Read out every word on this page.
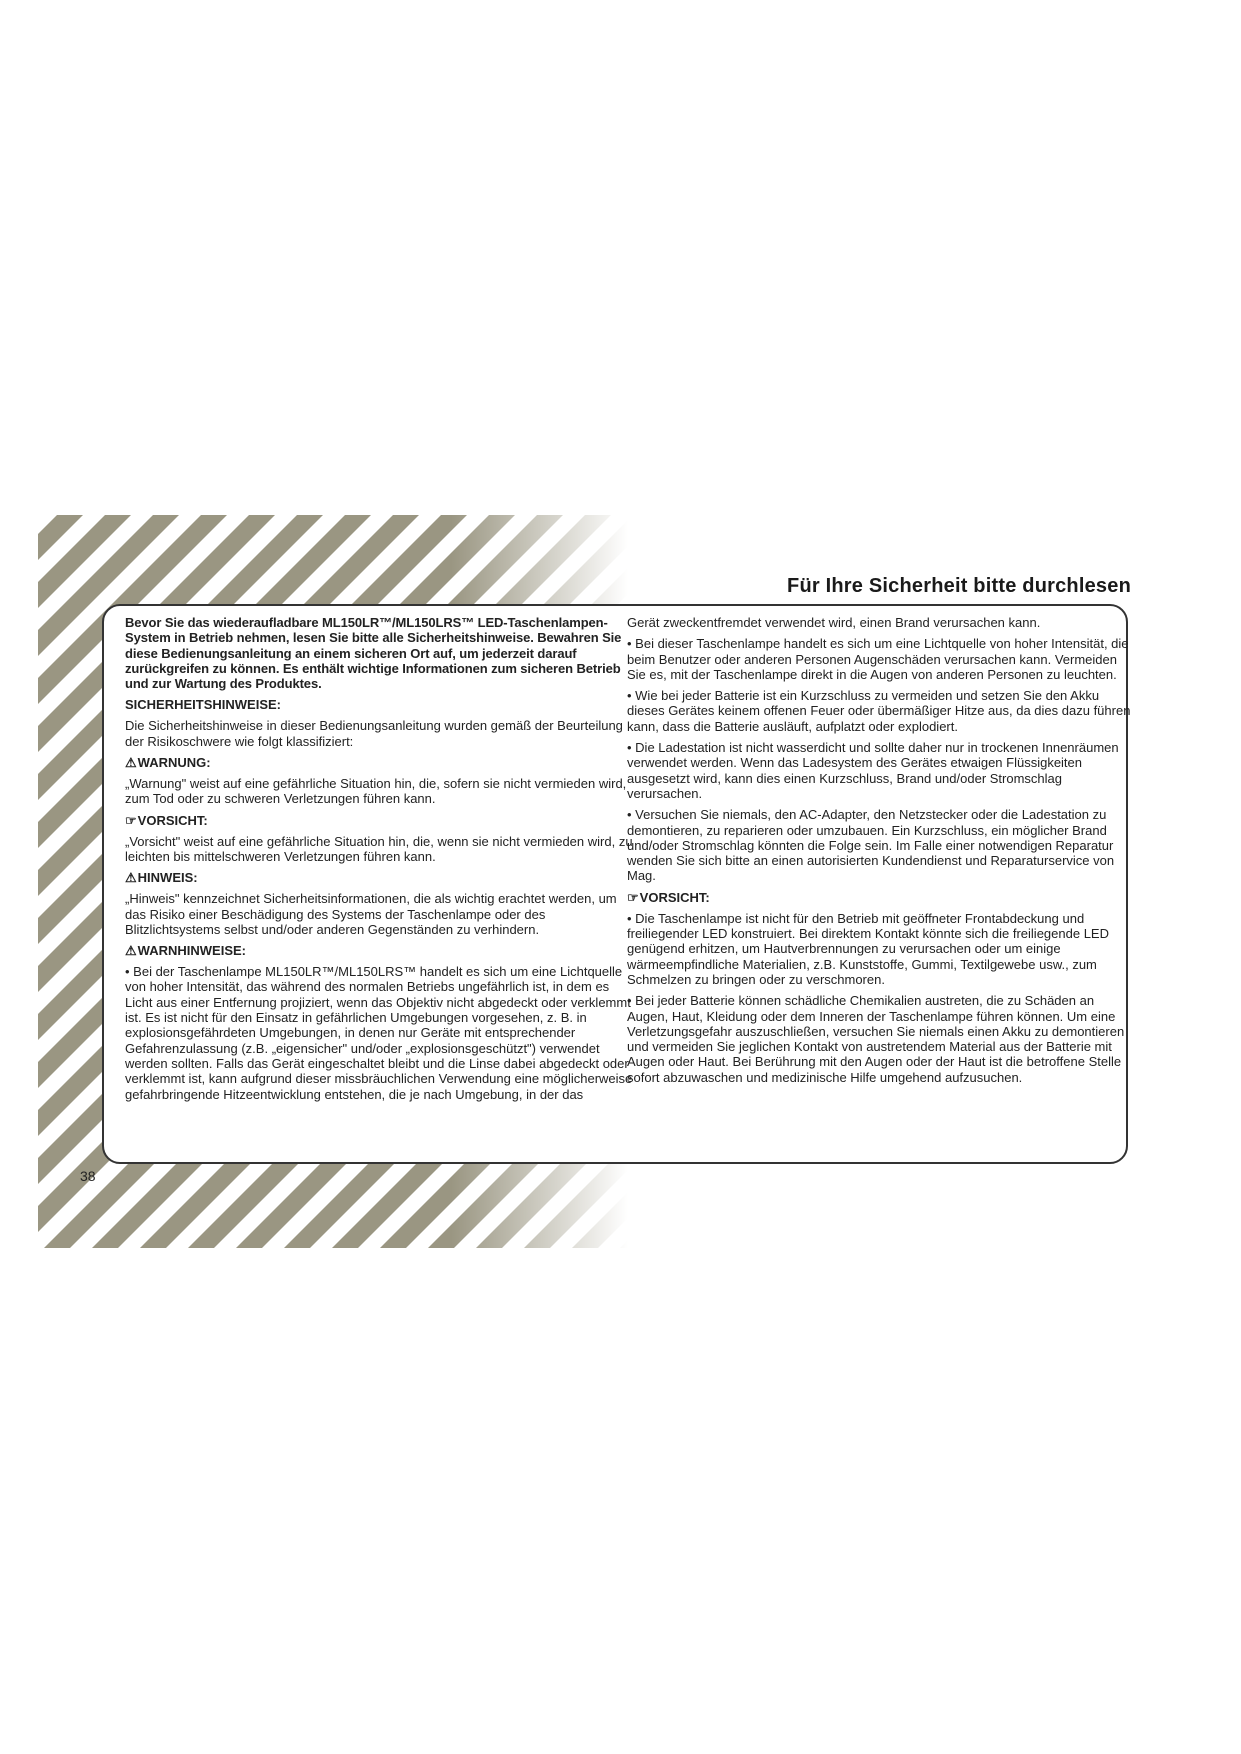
Für Ihre Sicherheit bitte durchlesen

Bevor Sie das wiederaufladbare ML150LR™/ML150LRS™ LED-Taschenlampen-System in Betrieb nehmen, lesen Sie bitte alle Sicherheitshinweise. Bewahren Sie diese Bedienungsanleitung an einem sicheren Ort auf, um jederzeit darauf zurückgreifen zu können. Es enthält wichtige Informationen zum sicheren Betrieb und zur Wartung des Produktes.

SICHERHEITSHINWEISE:

Die Sicherheitshinweise in dieser Bedienungsanleitung wurden gemäß der Beurteilung der Risikoschwere wie folgt klassifiziert:

⚠WARNUNG:

„Warnung" weist auf eine gefährliche Situation hin, die, sofern sie nicht vermieden wird, zum Tod oder zu schweren Verletzungen führen kann.

☞VORSICHT:

„Vorsicht" weist auf eine gefährliche Situation hin, die, wenn sie nicht vermieden wird, zu leichten bis mittelschweren Verletzungen führen kann.

⚠HINWEIS:

„Hinweis" kennzeichnet Sicherheitsinformationen, die als wichtig erachtet werden, um das Risiko einer Beschädigung des Systems der Taschenlampe oder des Blitzlichtsystems selbst und/oder anderen Gegenständen zu verhindern.

⚠WARNHINWEISE:

• Bei der Taschenlampe ML150LR™/ML150LRS™ handelt es sich um eine Lichtquelle von hoher Intensität, das während des normalen Betriebs ungefährlich ist, in dem es Licht aus einer Entfernung projiziert, wenn das Objektiv nicht abgedeckt oder verklemmt ist. Es ist nicht für den Einsatz in gefährlichen Umgebungen vorgesehen, z. B. in explosionsgefährdeten Umgebungen, in denen nur Geräte mit entsprechender Gefahrenzulassung (z.B. „eigensicher" und/oder „explosionsgeschützt") verwendet werden sollten. Falls das Gerät eingeschaltet bleibt und die Linse dabei abgedeckt oder verklemmt ist, kann aufgrund dieser missbräuchlichen Verwendung eine möglicherweise gefahrbringende Hitzeentwicklung entstehen, die je nach Umgebung, in der das

Gerät zweckentfremdet verwendet wird, einen Brand verursachen kann.

• Bei dieser Taschenlampe handelt es sich um eine Lichtquelle von hoher Intensität, die beim Benutzer oder anderen Personen Augenschäden verursachen kann. Vermeiden Sie es, mit der Taschenlampe direkt in die Augen von anderen Personen zu leuchten.

• Wie bei jeder Batterie ist ein Kurzschluss zu vermeiden und setzen Sie den Akku dieses Gerätes keinem offenen Feuer oder übermäßiger Hitze aus, da dies dazu führen kann, dass die Batterie ausläuft, aufplatzt oder explodiert.

• Die Ladestation ist nicht wasserdicht und sollte daher nur in trockenen Innenräumen verwendet werden. Wenn das Ladesystem des Gerätes etwaigen Flüssigkeiten ausgesetzt wird, kann dies einen Kurzschluss, Brand und/oder Stromschlag verursachen.

• Versuchen Sie niemals, den AC-Adapter, den Netzstecker oder die Ladestation zu demontieren, zu reparieren oder umzubauen. Ein Kurzschluss, ein möglicher Brand und/oder Stromschlag könnten die Folge sein. Im Falle einer notwendigen Reparatur wenden Sie sich bitte an einen autorisierten Kundendienst und Reparaturservice von Mag.

☞VORSICHT:

• Die Taschenlampe ist nicht für den Betrieb mit geöffneter Frontabdeckung und freiliegender LED konstruiert. Bei direktem Kontakt könnte sich die freiliegende LED genügend erhitzen, um Hautverbrennungen zu verursachen oder um einige wärmeempfindliche Materialien, z.B. Kunststoffe, Gummi, Textilgewebe usw., zum Schmelzen zu bringen oder zu verschmoren.

• Bei jeder Batterie können schädliche Chemikalien austreten, die zu Schäden an Augen, Haut, Kleidung oder dem Inneren der Taschenlampe führen können. Um eine Verletzungsgefahr auszuschließen, versuchen Sie niemals einen Akku zu demontieren und vermeiden Sie jeglichen Kontakt von austretendem Material aus der Batterie mit Augen oder Haut. Bei Berührung mit den Augen oder der Haut ist die betroffene Stelle sofort abzuwaschen und medizinische Hilfe umgehend aufzusuchen.

38
